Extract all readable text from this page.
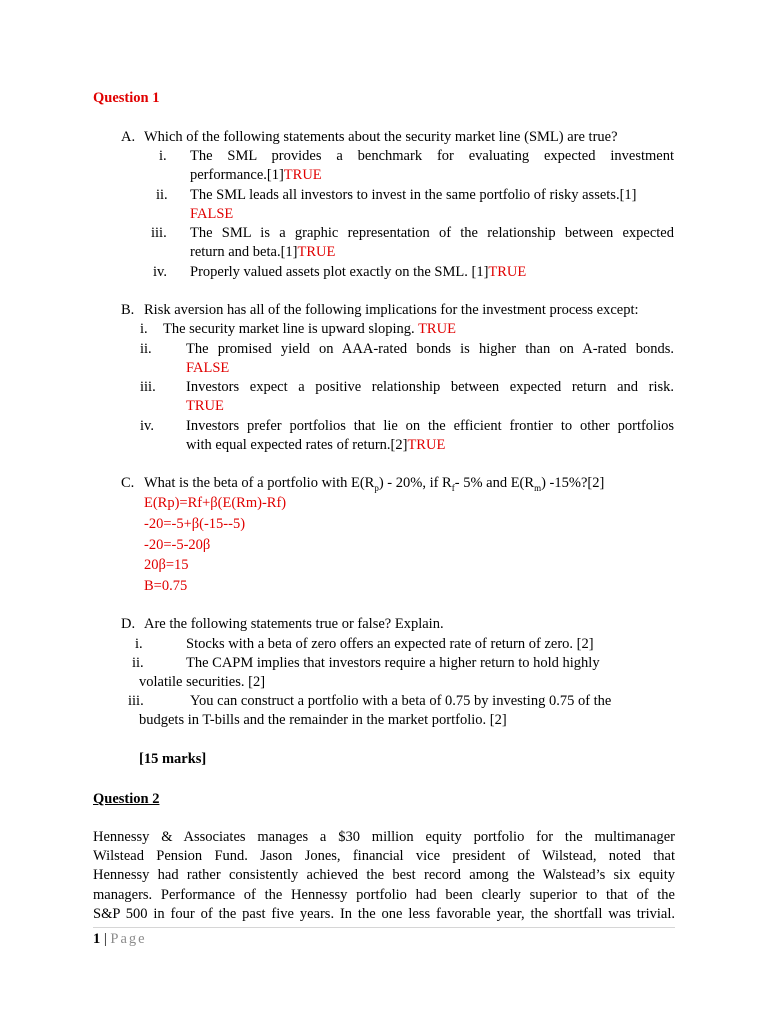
Question 1
A. Which of the following statements about the security market line (SML) are true?
i. The SML provides a benchmark for evaluating expected investment
performance.[1]TRUE
ii. The SML leads all investors to invest in the same portfolio of risky assets.[1]
FALSE
iii. The SML is a graphic representation of the relationship between expected
return and beta.[1]TRUE
iv. Properly valued assets plot exactly on the SML. [1]TRUE
B. Risk aversion has all of the following implications for the investment process except:
i. The security market line is upward sloping. TRUE
ii. The promised yield on AAA-rated bonds is higher than on A-rated bonds.
FALSE
iii. Investors expect a positive relationship between expected return and risk.
TRUE
iv. Investors prefer portfolios that lie on the efficient frontier to other portfolios
with equal expected rates of return.[2]TRUE
C. What is the beta of a portfolio with $E(R_p) - 20\%$, if $R_f-$ 5% and $E(R_m)$ -15%?[2]
E(Rp)=Rf+β(E(Rm)-Rf)
-20=-5+β(-15--5)
-20=-5-20β
20β=15
Β=0.75
D. Are the following statements true or false? Explain.
i.	Stocks with a beta of zero offers an expected rate of return of zero. [2]
ii.	The CAPM implies that investors require a higher return to hold highly
volatile securities. [2]
iii.	You can construct a portfolio with a beta of 0.75 by investing 0.75 of the
budgets in T-bills and the remainder in the market portfolio. [2]
[15 marks]
Question 2
Hennessy & Associates manages a $30 million equity portfolio for the multimanager
Wilstead Pension Fund. Jason Jones, financial vice president of Wilstead, noted that
Hennessy had rather consistently achieved the best record among the Walstead’s six equity
managers. Performance of the Hennessy portfolio had been clearly superior to that of the
S&P 500 in four of the past five years. In the one less favorable year, the shortfall was trivial.
1 | Page
